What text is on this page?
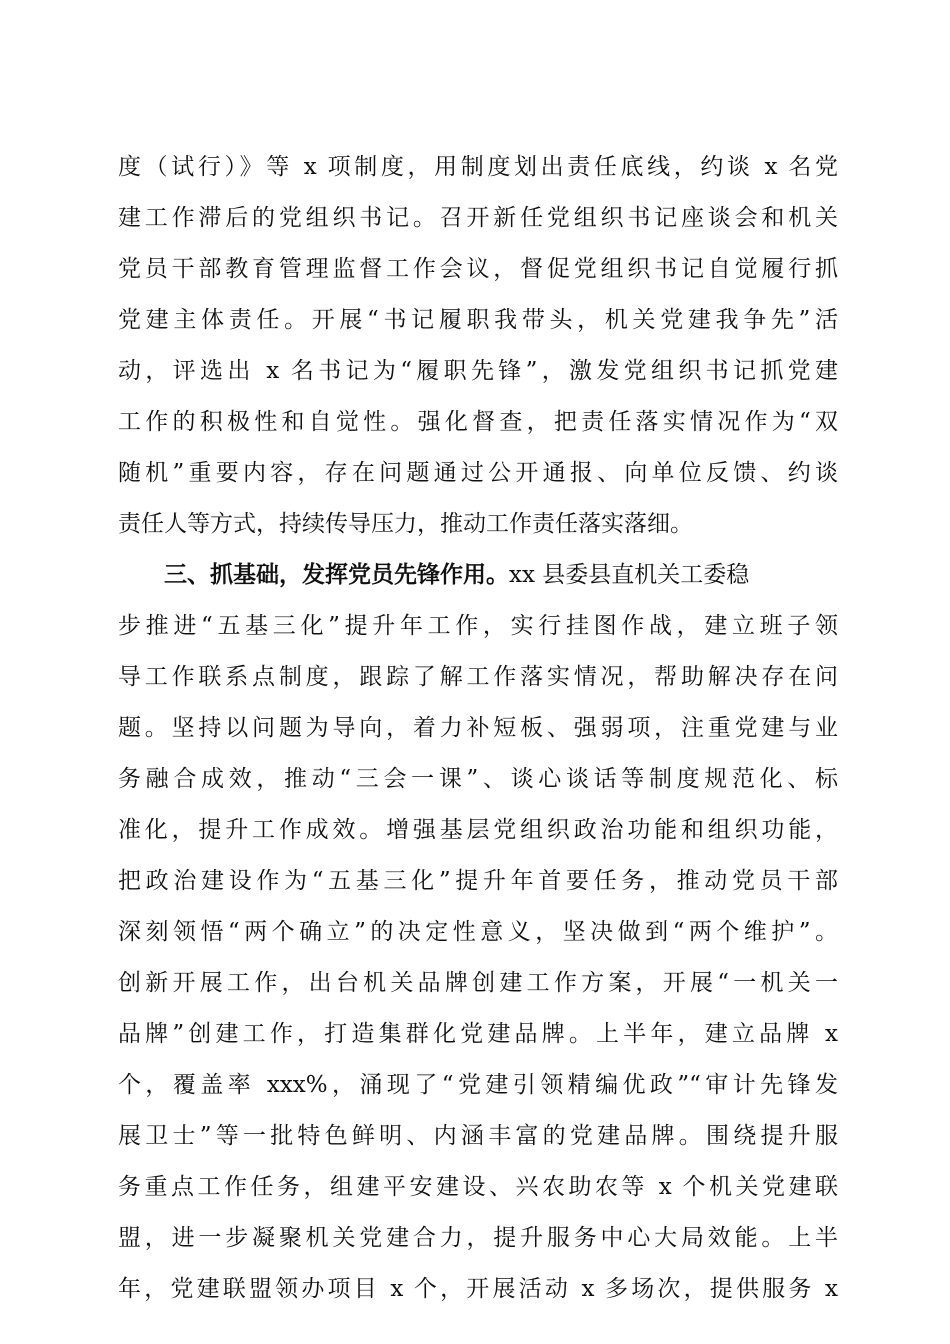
度（试行）》等 x 项制度，用制度划出责任底线，约谈 x 名党
建工作滞后的党组织书记。召开新任党组织书记座谈会和机关
党员干部教育管理监督工作会议，督促党组织书记自觉履行抓
党建主体责任。开展“书记履职我带头，机关党建我争先”活
动，评选出 x 名书记为“履职先锋”，激发党组织书记抓党建
工作的积极性和自觉性。强化督查，把责任落实情况作为“双
随机”重要内容，存在问题通过公开通报、向单位反馈、约谈
责任人等方式，持续传导压力，推动工作责任落实落细。
三、抓基础，发挥党员先锋作用。xx 县委县直机关工委稳
步推进“五基三化”提升年工作，实行挂图作战，建立班子领
导工作联系点制度，跟踪了解工作落实情况，帮助解决存在问
题。坚持以问题为导向，着力补短板、强弱项，注重党建与业
务融合成效，推动“三会一课”、谈心谈话等制度规范化、标
准化，提升工作成效。增强基层党组织政治功能和组织功能，
把政治建设作为“五基三化”提升年首要任务，推动党员干部
深刻领悟“两个确立”的决定性意义，坚决做到“两个维护”。
创新开展工作，出台机关品牌创建工作方案，开展“一机关一
品牌”创建工作，打造集群化党建品牌。上半年，建立品牌 x
个，覆盖率 xxx%，涌现了“党建引领精编优政”“审计先锋发
展卫士”等一批特色鲜明、内涵丰富的党建品牌。围绕提升服
务重点工作任务，组建平安建设、兴农助农等 x 个机关党建联
盟，进一步凝聚机关党建合力，提升服务中心大局效能。上半
年，党建联盟领办项目 x 个，开展活动 x 多场次，提供服务 x
